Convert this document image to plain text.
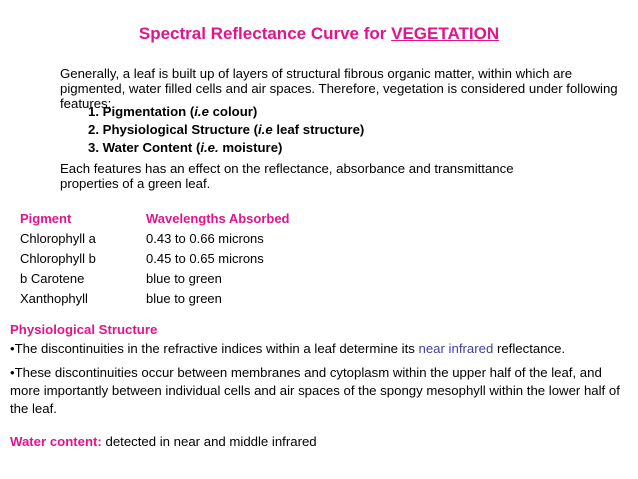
Spectral Reflectance Curve for VEGETATION
Generally, a leaf is built up of layers of structural fibrous organic matter, within which are pigmented, water filled cells and air spaces. Therefore, vegetation is considered under following features:
1. Pigmentation (i.e colour)
2. Physiological Structure (i.e leaf structure)
3. Water Content (i.e. moisture)
Each features has an effect on the reflectance, absorbance and transmittance properties of a green leaf.
Pigment	Wavelengths Absorbed
Chlorophyll a	0.43 to 0.66 microns
Chlorophyll b	0.45 to 0.65 microns
b Carotene	blue to green
Xanthophyll	blue to green
Physiological Structure
•The discontinuities in the refractive indices within a leaf determine its near infrared reflectance.
•These discontinuities occur between membranes and cytoplasm within the upper half of the leaf, and more importantly between individual cells and air spaces of the spongy mesophyll within the lower half of the leaf.
Water content: detected in near and middle infrared
